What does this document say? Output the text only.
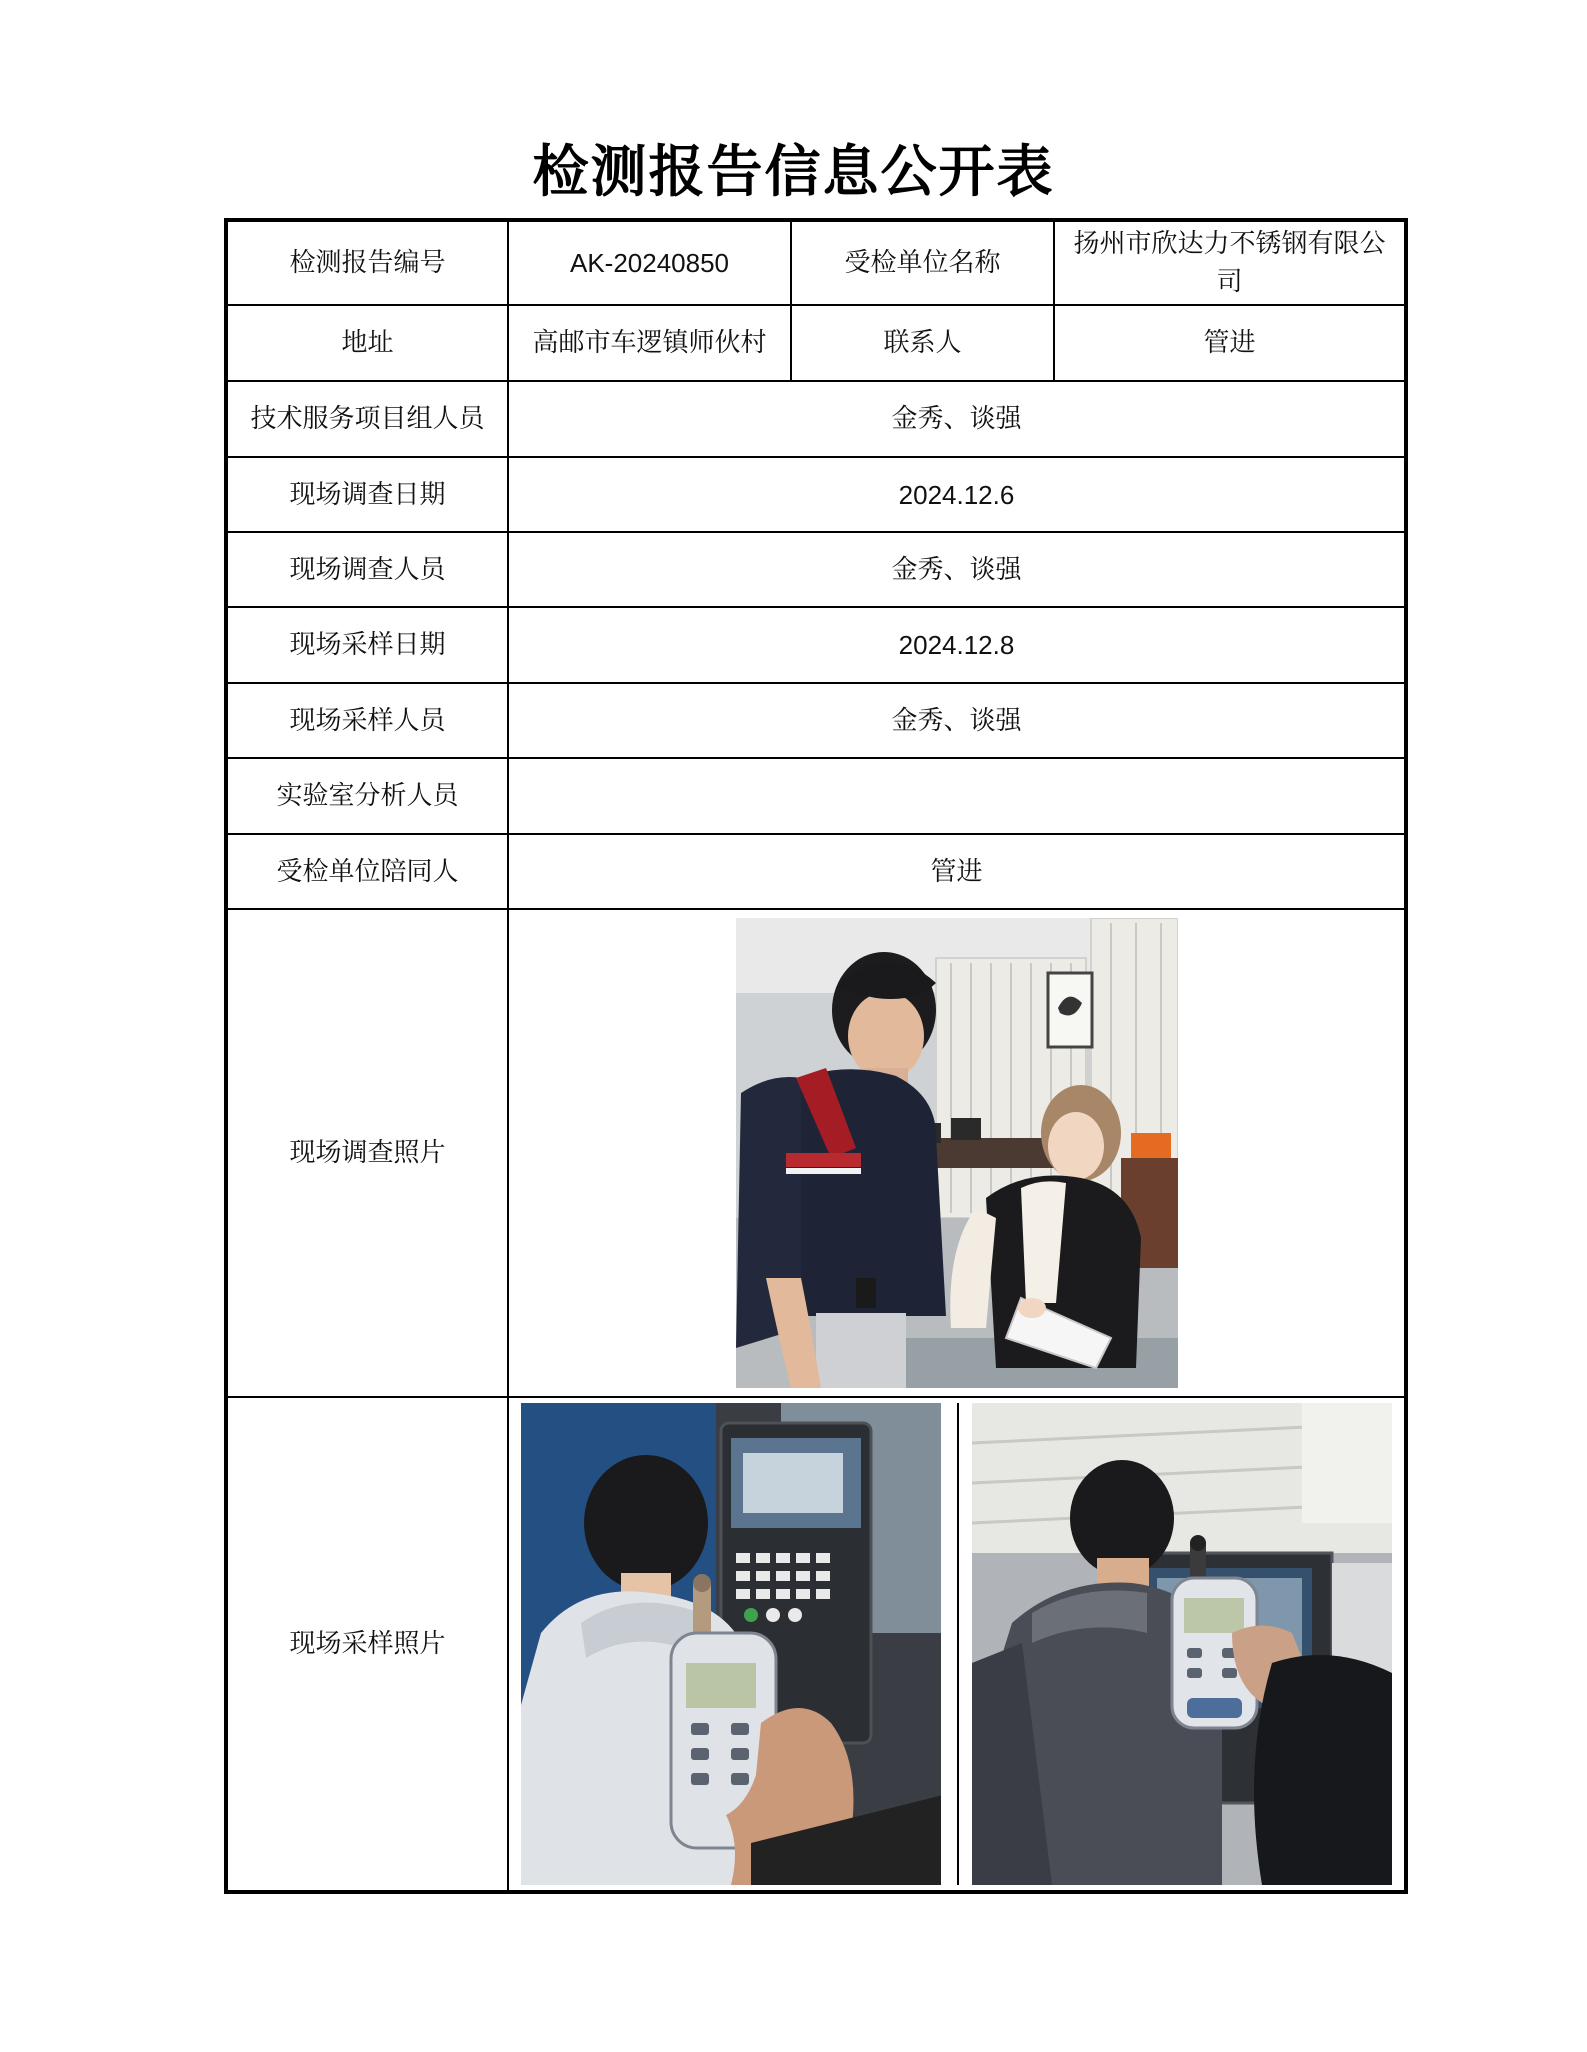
检测报告信息公开表
检测报告编号	AK-20240850	受检单位名称	扬州市欣达力不锈钢有限公司
地址	高邮市车逻镇师伙村	联系人	管进
技术服务项目组人员	金秀、谈强		
现场调查日期	2024.12.6		
现场调查人员	金秀、谈强		
现场采样日期	2024.12.8		
现场采样人员	金秀、谈强		
实验室分析人员			
受检单位陪同人	管进		
现场调查照片	

现场采样照片	
